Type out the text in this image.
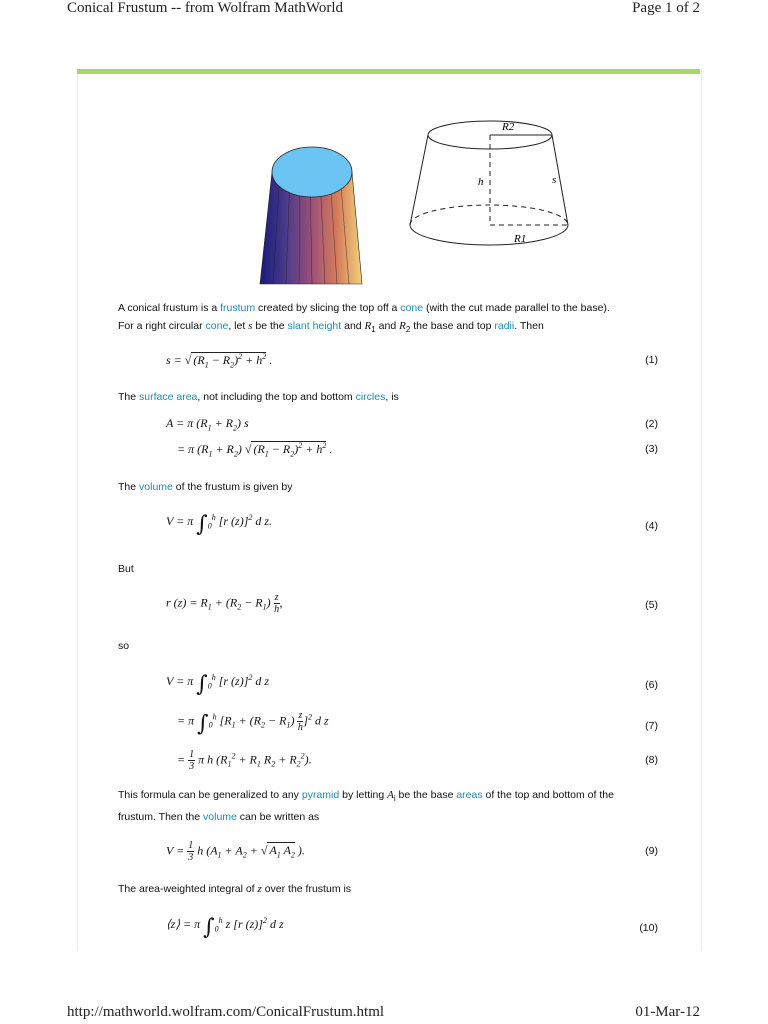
Conical Frustum -- from Wolfram MathWorld	Page 1 of 2
R2
h	s
R1
A conical frustum is a frustum created by slicing the top off a cone (with the cut made parallel to the base).
For a right circular cone, let s be the slant height and $R_1$ and $R_2$ the base and top radii. Then
s = √ $(R_1 - R_2)^2 + h^2$ .	(1)
The surface area, not including the top and bottom circles, is
A = π $(R_1 + R_2)$ s	(2)
= π $(R_1 + R_2)$ √ $(R_1 - R_2)^2 + h^2$ .	(3)
The volume of the frustum is given by
V = π $\int_0^h$ [r (z)]$^2$ d z.	(4)
But
r $(z) = R_1 + (R_2 - R_1) \frac{z}{h}$ ,	(5)
so
V = π $\int_0^h$ [r (z)]$^2$ d z	(6)
= π $\int_0^h$ $[R_1 + (R_2 - R_1) \frac{z}{h} ]^2$ d z	(7)
= $\frac{1}{3}$ π h ($R_1^2 + R_1$ $R_2 + R_2^2$).	(8)
This formula can be generalized to any pyramid by letting $A_i$ be the base areas of the top and bottom of the
frustum. Then the volume can be written as
$V = \frac{1}{3}$ h ($A_1 + A_2$ + √ $A_1$ $A_2$ ).	(9)
The area-weighted integral of z over the frustum is
⟨z⟩ = π $\int_0^h$ z [r (z)]$^2$ d z	(10)
http://mathworld.wolfram.com/ConicalFrustum.html	01-Mar-12
